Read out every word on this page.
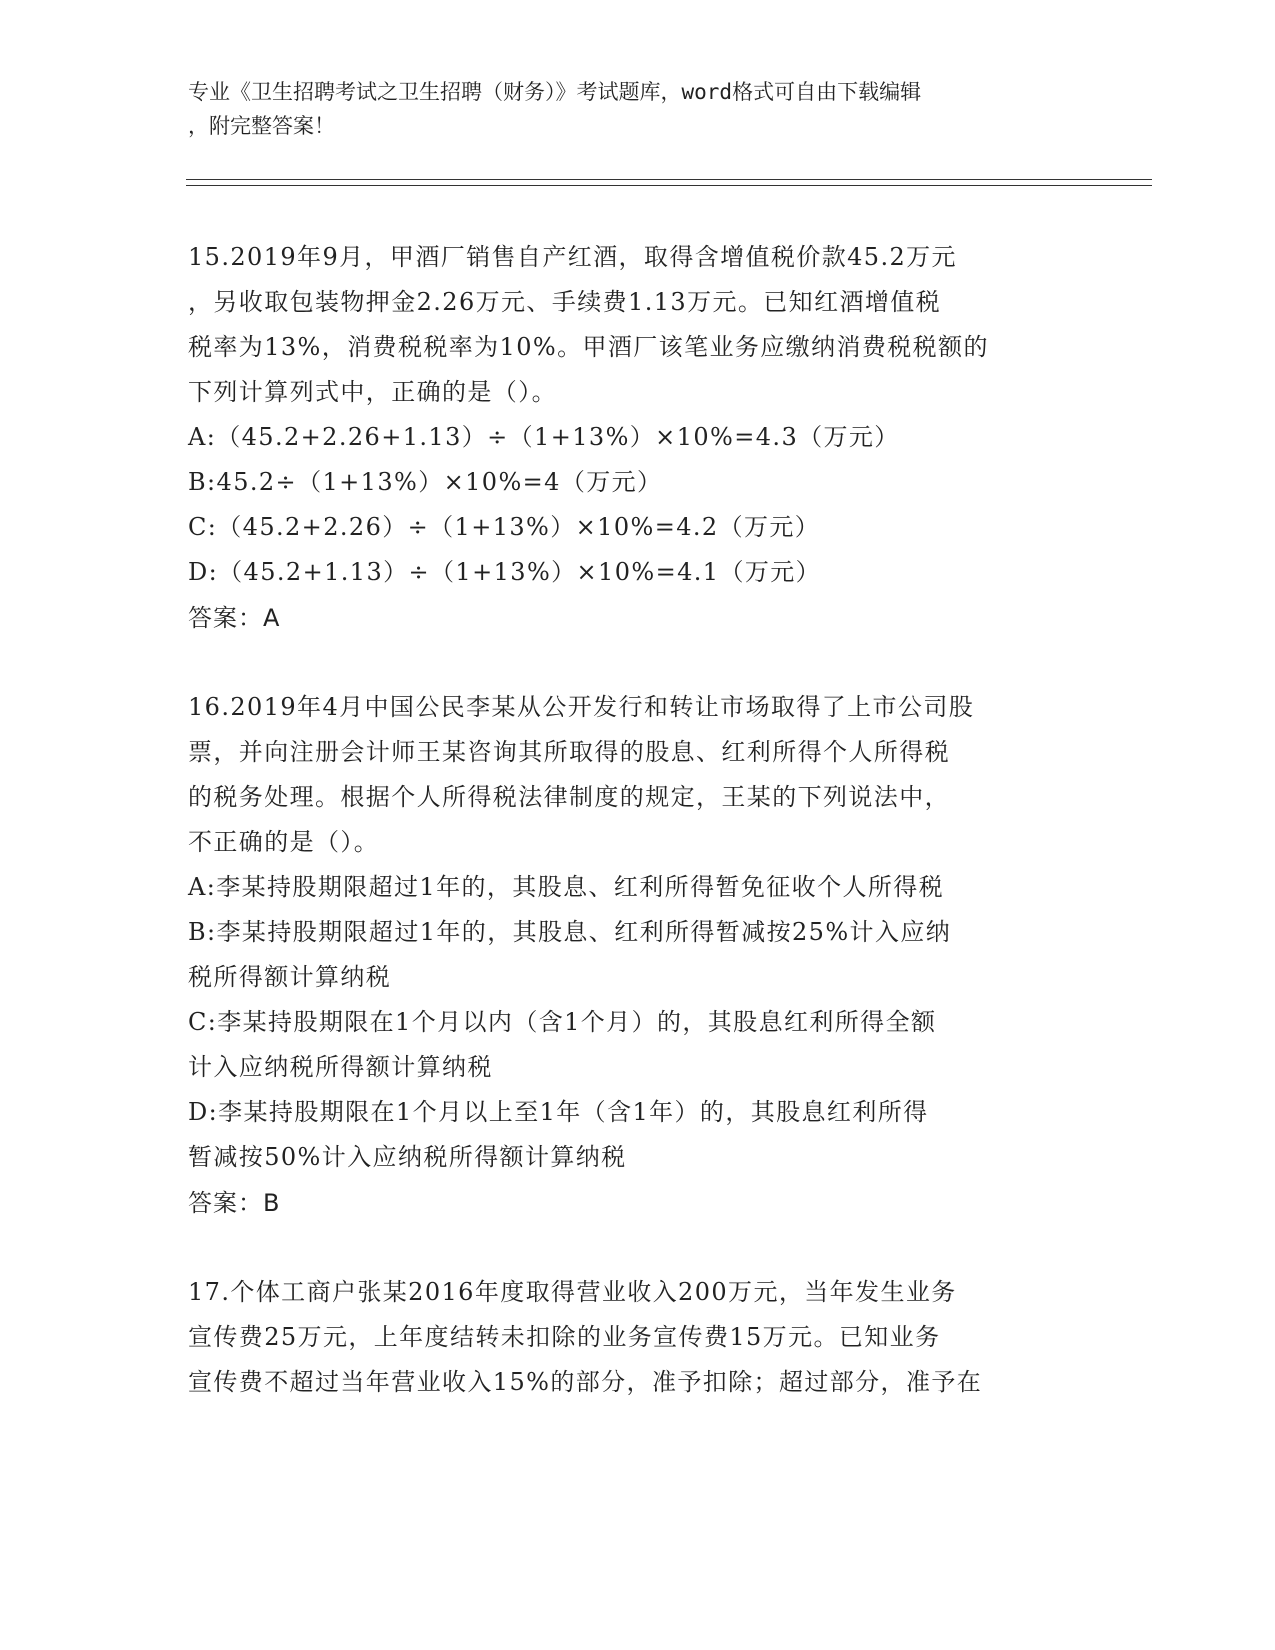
专业《卫生招聘考试之卫生招聘（财务）》考试题库，word格式可自由下载编辑
，附完整答案！
15.2019年9月，甲酒厂销售自产红酒，取得含增值税价款45.2万元
，另收取包装物押金2.26万元、手续费1.13万元。已知红酒增值税
税率为13%，消费税税率为10%。甲酒厂该笔业务应缴纳消费税税额的
下列计算列式中，正确的是（）。
A:（45.2+2.26+1.13）÷（1+13%）×10%=4.3（万元）
B:45.2÷（1+13%）×10%=4（万元）
C:（45.2+2.26）÷（1+13%）×10%=4.2（万元）
D:（45.2+1.13）÷（1+13%）×10%=4.1（万元）
答案：A
16.2019年4月中国公民李某从公开发行和转让市场取得了上市公司股
票，并向注册会计师王某咨询其所取得的股息、红利所得个人所得税
的税务处理。根据个人所得税法律制度的规定，王某的下列说法中，
不正确的是（）。
A:李某持股期限超过1年的，其股息、红利所得暂免征收个人所得税
B:李某持股期限超过1年的，其股息、红利所得暂减按25%计入应纳
税所得额计算纳税
C:李某持股期限在1个月以内（含1个月）的，其股息红利所得全额
计入应纳税所得额计算纳税
D:李某持股期限在1个月以上至1年（含1年）的，其股息红利所得
暂减按50%计入应纳税所得额计算纳税
答案：B
17.个体工商户张某2016年度取得营业收入200万元，当年发生业务
宣传费25万元，上年度结转未扣除的业务宣传费15万元。已知业务
宣传费不超过当年营业收入15%的部分，准予扣除；超过部分，准予在
